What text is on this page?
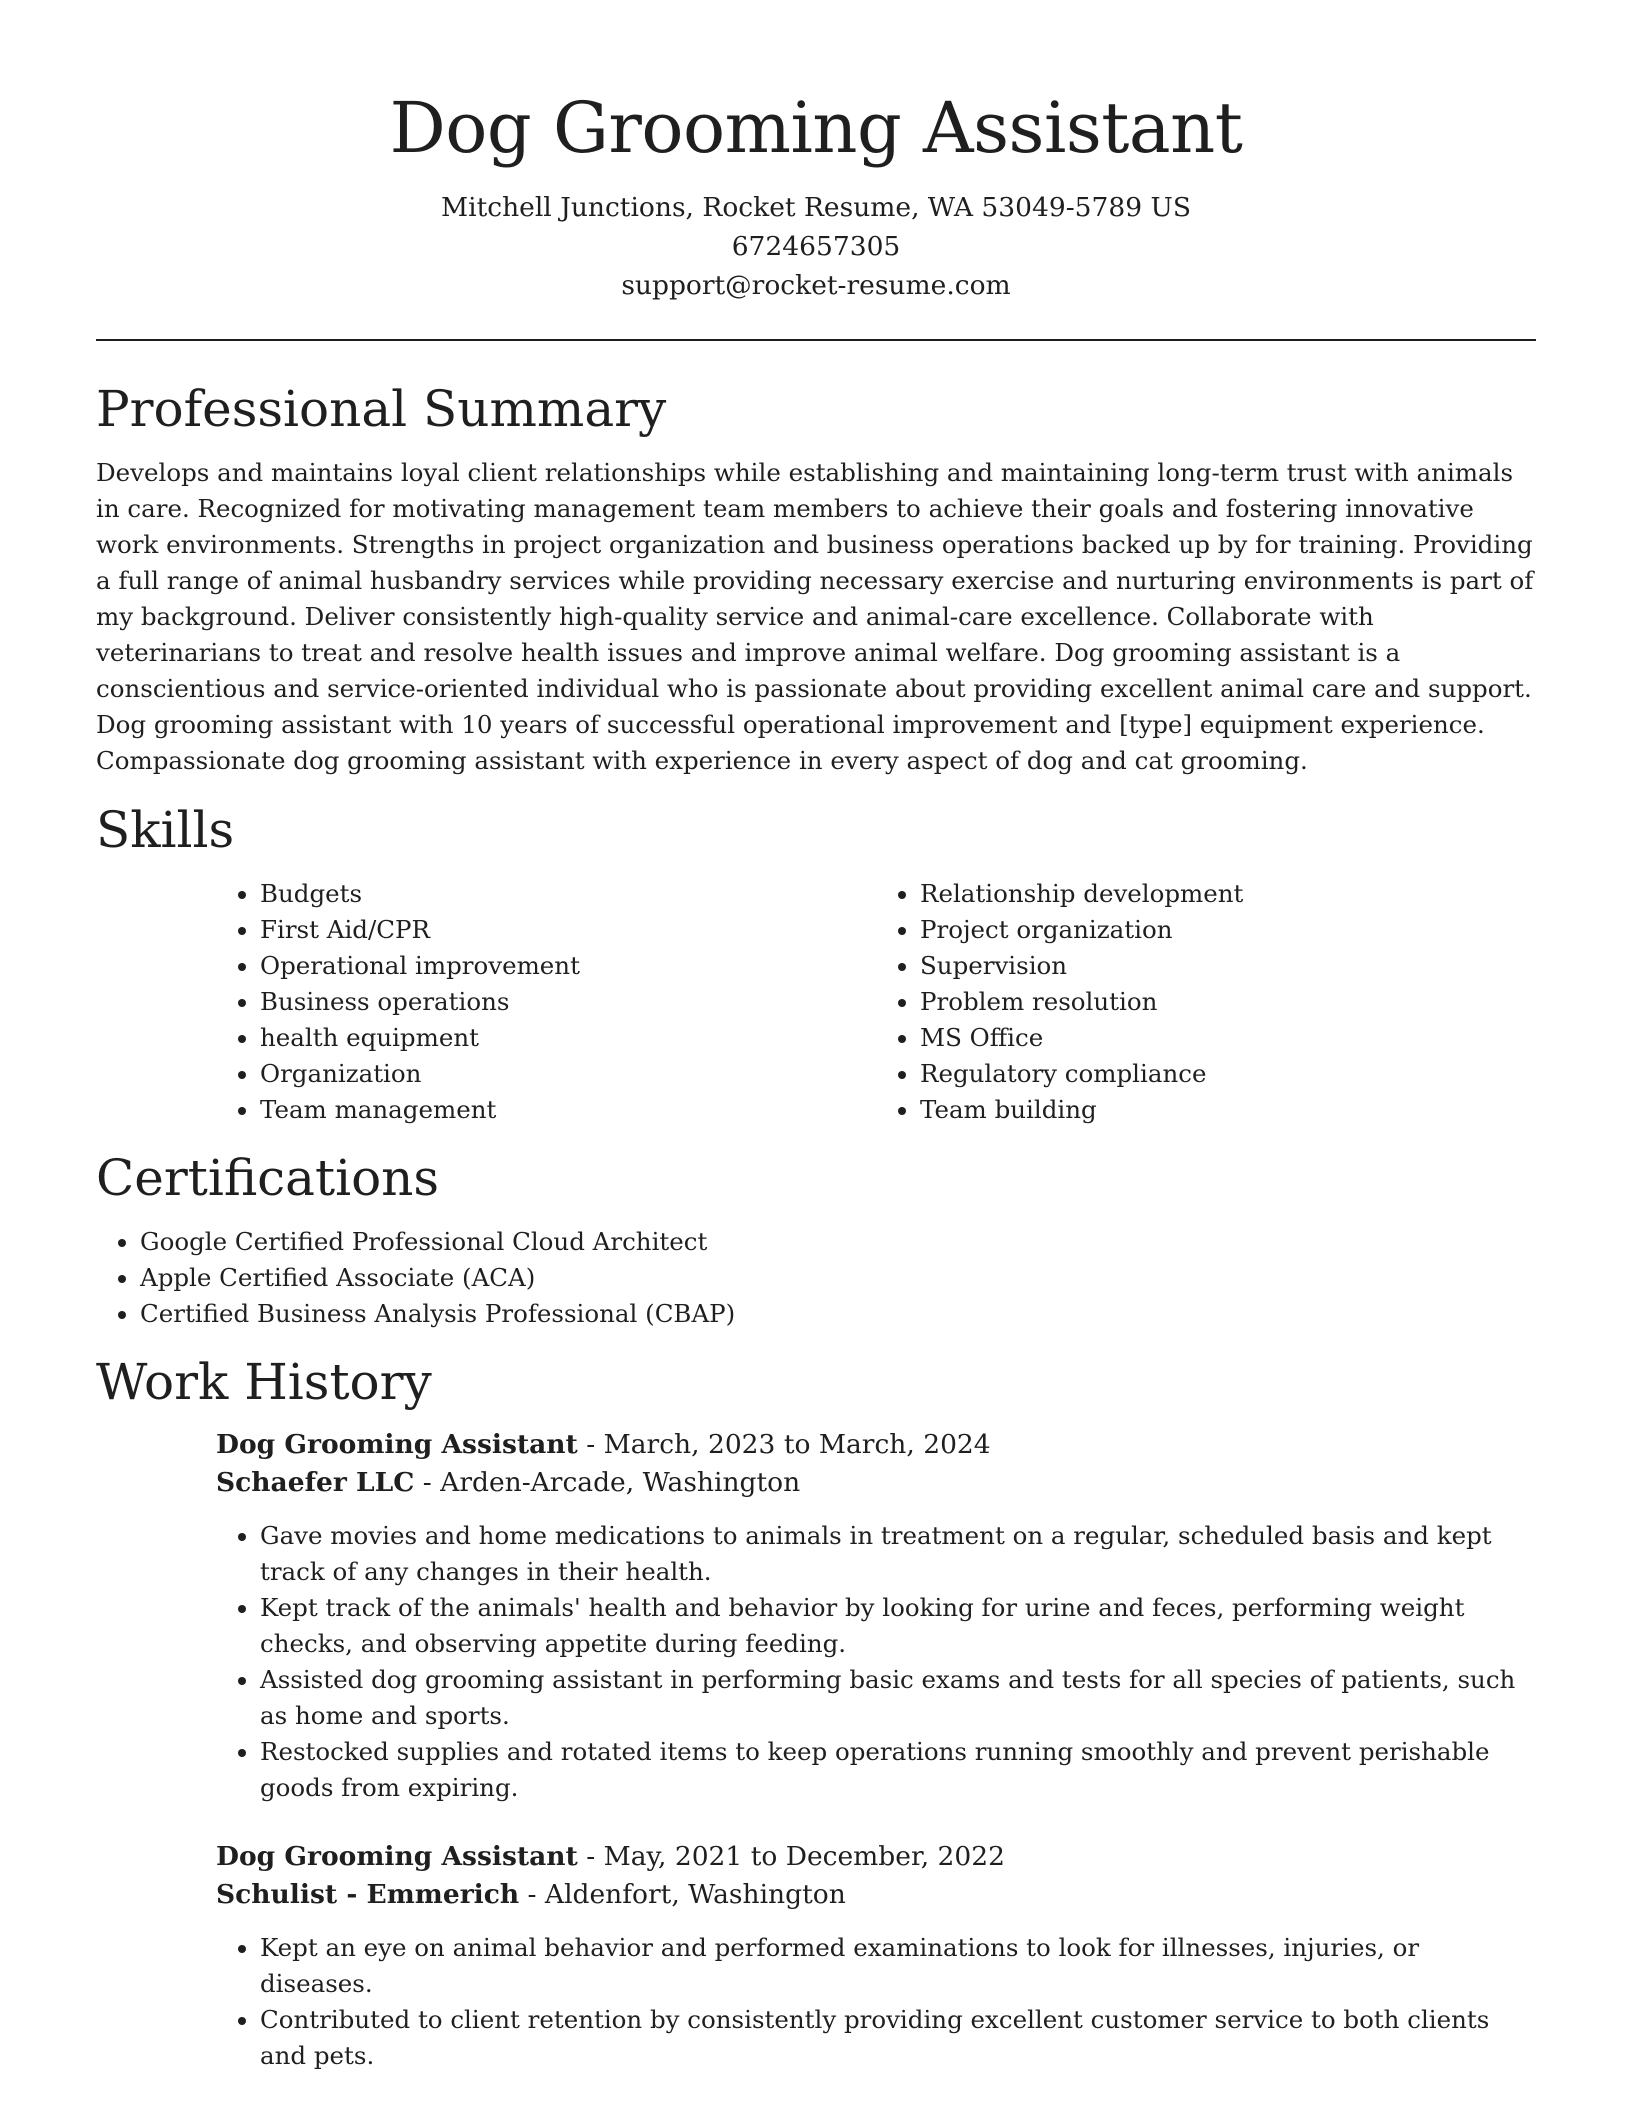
Dog Grooming Assistant
Mitchell Junctions, Rocket Resume, WA 53049-5789 US
6724657305
support@rocket-resume.com
Professional Summary

Develops and maintains loyal client relationships while establishing and maintaining long-term trust with animals in care. Recognized for motivating management team members to achieve their goals and fostering innovative work environments. Strengths in project organization and business operations backed up by for training. Providing a full range of animal husbandry services while providing necessary exercise and nurturing environments is part of my background. Deliver consistently high-quality service and animal-care excellence. Collaborate with veterinarians to treat and resolve health issues and improve animal welfare. Dog grooming assistant is a conscientious and service-oriented individual who is passionate about providing excellent animal care and support. Dog grooming assistant with 10 years of successful operational improvement and [type] equipment experience. Compassionate dog grooming assistant with experience in every aspect of dog and cat grooming.

Skills
• Budgets
• First Aid/CPR
• Operational improvement
• Business operations
• health equipment
• Organization
• Team management
• Relationship development
• Project organization
• Supervision
• Problem resolution
• MS Office
• Regulatory compliance
• Team building
Certifications
• Google Certified Professional Cloud Architect
• Apple Certified Associate (ACA)
• Certified Business Analysis Professional (CBAP)
Work History
Dog Grooming Assistant - March, 2023 to March, 2024
Schaefer LLC - Arden-Arcade, Washington
• Gave movies and home medications to animals in treatment on a regular, scheduled basis and kept track of any changes in their health.
• Kept track of the animals' health and behavior by looking for urine and feces, performing weight checks, and observing appetite during feeding.
• Assisted dog grooming assistant in performing basic exams and tests for all species of patients, such as home and sports.
• Restocked supplies and rotated items to keep operations running smoothly and prevent perishable goods from expiring.
Dog Grooming Assistant - May, 2021 to December, 2022
Schulist - Emmerich - Aldenfort, Washington
• Kept an eye on animal behavior and performed examinations to look for illnesses, injuries, or diseases.
• Contributed to client retention by consistently providing excellent customer service to both clients and pets.
